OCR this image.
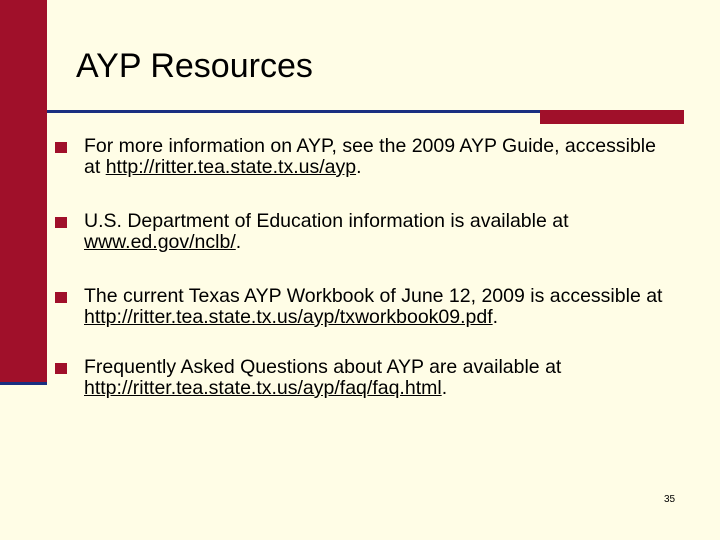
AYP Resources
For more information on AYP, see the 2009 AYP Guide, accessible at http://ritter.tea.state.tx.us/ayp.
U.S. Department of Education information is available at www.ed.gov/nclb/.
The current Texas AYP Workbook of June 12, 2009 is accessible at http://ritter.tea.state.tx.us/ayp/txworkbook09.pdf.
Frequently Asked Questions about AYP are available at http://ritter.tea.state.tx.us/ayp/faq/faq.html.
35
